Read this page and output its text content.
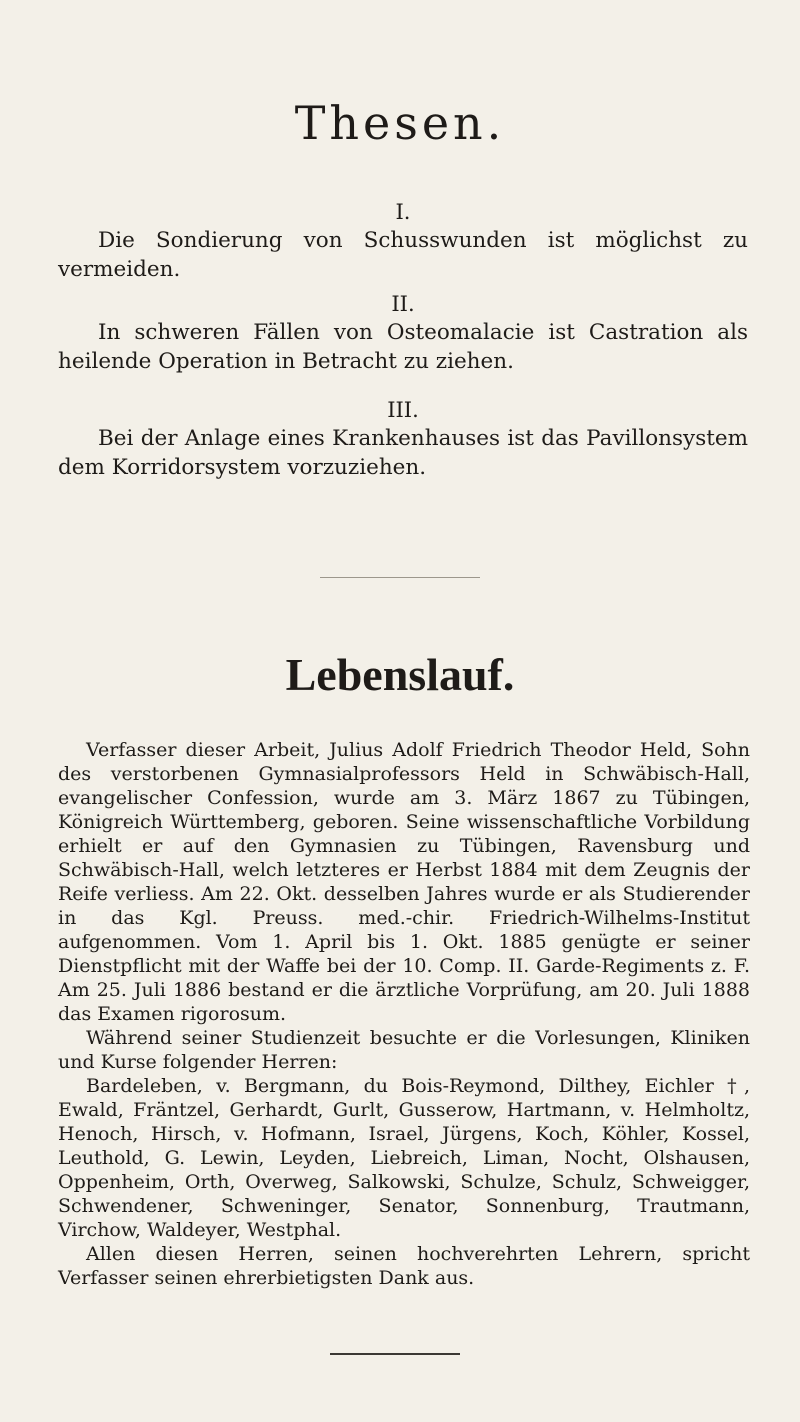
Thesen.

I.

Die Sondierung von Schusswunden ist möglichst zu vermeiden.

II.

In schweren Fällen von Osteomalacie ist Castration als heilende Operation in Betracht zu ziehen.

III.

Bei der Anlage eines Krankenhauses ist das Pavillonsystem dem Korridorsystem vorzuziehen.

Lebenslauf.

Verfasser dieser Arbeit, Julius Adolf Friedrich Theodor Held, Sohn des verstorbenen Gymnasialprofessors Held in Schwäbisch-Hall, evangelischer Confession, wurde am 3. März 1867 zu Tübingen, Königreich Württemberg, geboren. Seine wissenschaftliche Vorbildung erhielt er auf den Gymnasien zu Tübingen, Ravensburg und Schwäbisch-Hall, welch letzteres er Herbst 1884 mit dem Zeugnis der Reife verliess. Am 22. Okt. desselben Jahres wurde er als Studierender in das Kgl. Preuss. med.-chir. Friedrich-Wilhelms-Institut aufgenommen. Vom 1. April bis 1. Okt. 1885 genügte er seiner Dienstpflicht mit der Waffe bei der 10. Comp. II. Garde-Regiments z. F. Am 25. Juli 1886 bestand er die ärztliche Vorprüfung, am 20. Juli 1888 das Examen rigorosum.

Während seiner Studienzeit besuchte er die Vorlesungen, Kliniken und Kurse folgender Herren:

Bardeleben, v. Bergmann, du Bois-Reymond, Dilthey, Eichler †, Ewald, Fräntzel, Gerhardt, Gurlt, Gusserow, Hartmann, v. Helmholtz, Henoch, Hirsch, v. Hofmann, Israel, Jürgens, Koch, Köhler, Kossel, Leuthold, G. Lewin, Leyden, Liebreich, Liman, Nocht, Olshausen, Oppenheim, Orth, Overweg, Salkowski, Schulze, Schulz, Schweigger, Schwendener, Schweninger, Senator, Sonnenburg, Trautmann, Virchow, Waldeyer, Westphal.

Allen diesen Herren, seinen hochverehrten Lehrern, spricht Verfasser seinen ehrerbietigsten Dank aus.
